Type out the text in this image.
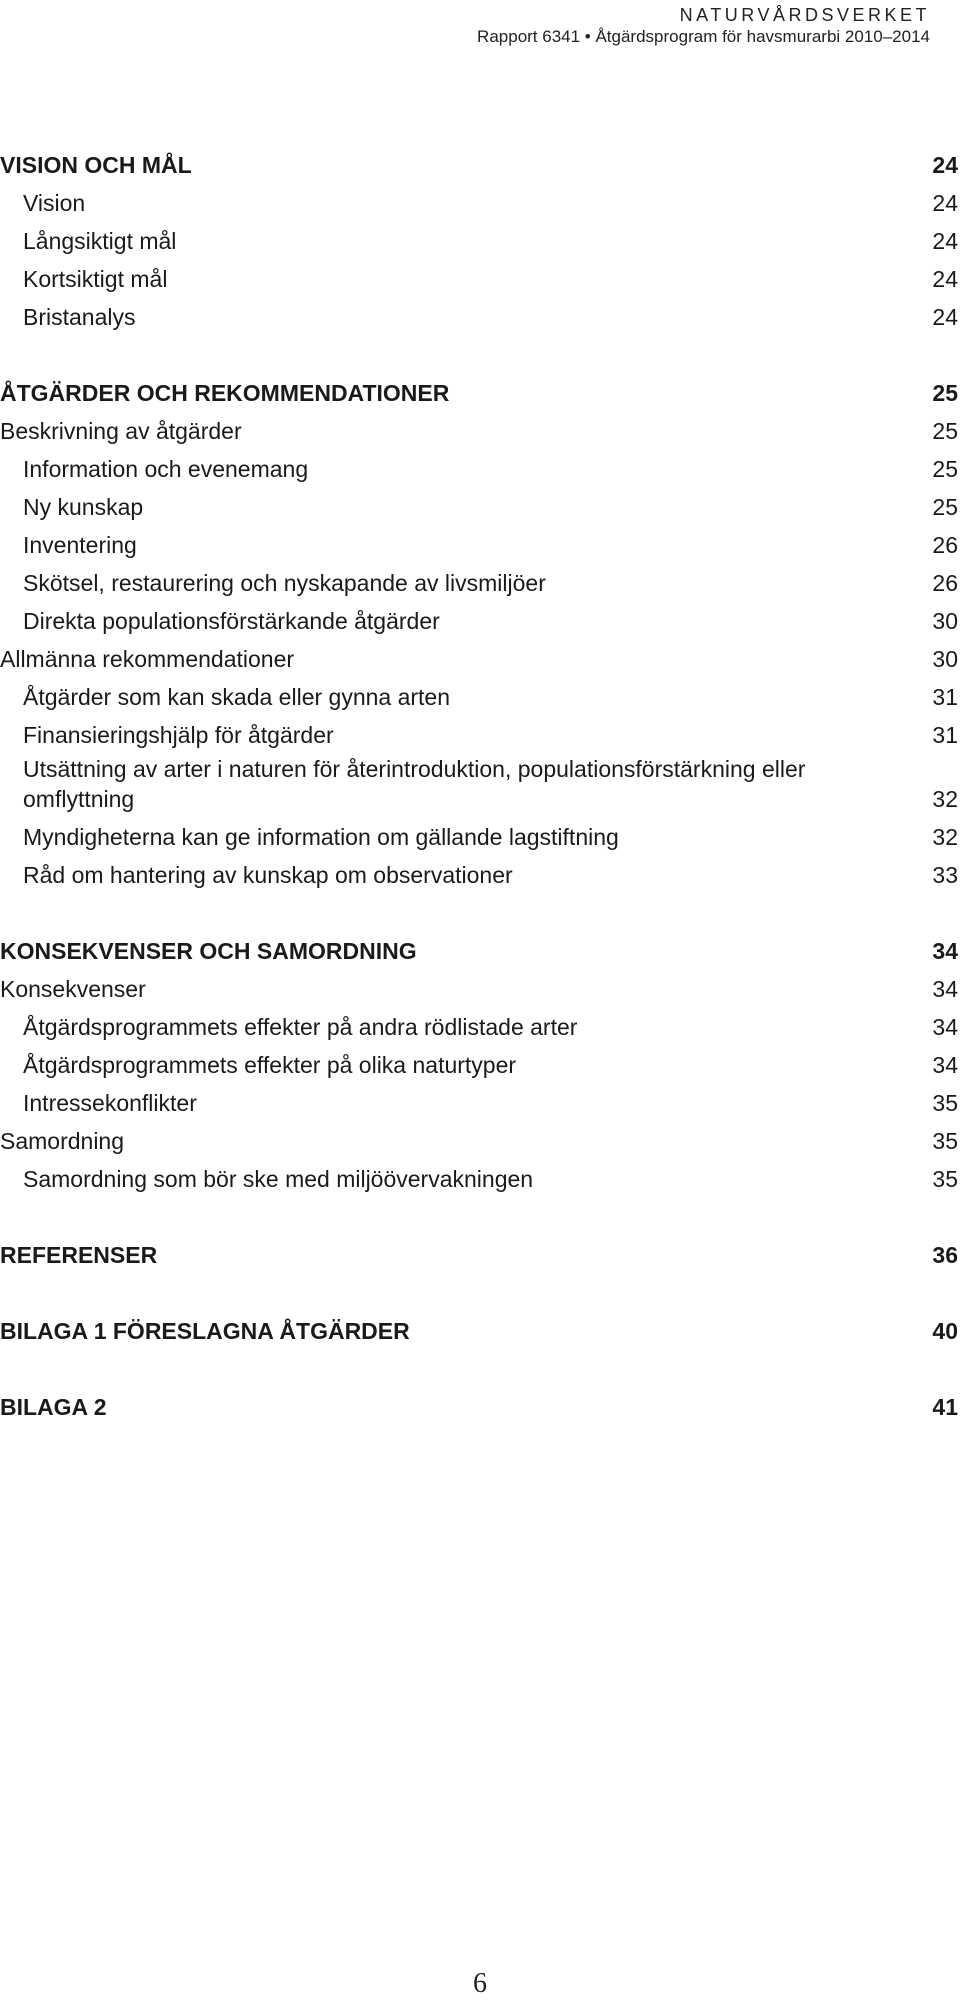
NATURVÅRDSVERKET
Rapport 6341 • Åtgärdsprogram för havsmurarbi 2010–2014
VISION OCH MÅL	24
Vision	24
Långsiktigt mål	24
Kortsiktigt mål	24
Bristanalys	24
ÅTGÄRDER OCH REKOMMENDATIONER	25
Beskrivning av åtgärder	25
Information och evenemang	25
Ny kunskap	25
Inventering	26
Skötsel, restaurering och nyskapande av livsmiljöer	26
Direkta populationsförstärkande åtgärder	30
Allmänna rekommendationer	30
Åtgärder som kan skada eller gynna arten	31
Finansieringshjälp för åtgärder	31
Utsättning av arter i naturen för återintroduktion, populationsförstärkning eller omflyttning	32
Myndigheterna kan ge information om gällande lagstiftning	32
Råd om hantering av kunskap om observationer	33
KONSEKVENSER OCH SAMORDNING	34
Konsekvenser	34
Åtgärdsprogrammets effekter på andra rödlistade arter	34
Åtgärdsprogrammets effekter på olika naturtyper	34
Intressekonflikter	35
Samordning	35
Samordning som bör ske med miljöövervakningen	35
REFERENSER	36
BILAGA 1 FÖRESLAGNA ÅTGÄRDER	40
BILAGA 2	41
6
